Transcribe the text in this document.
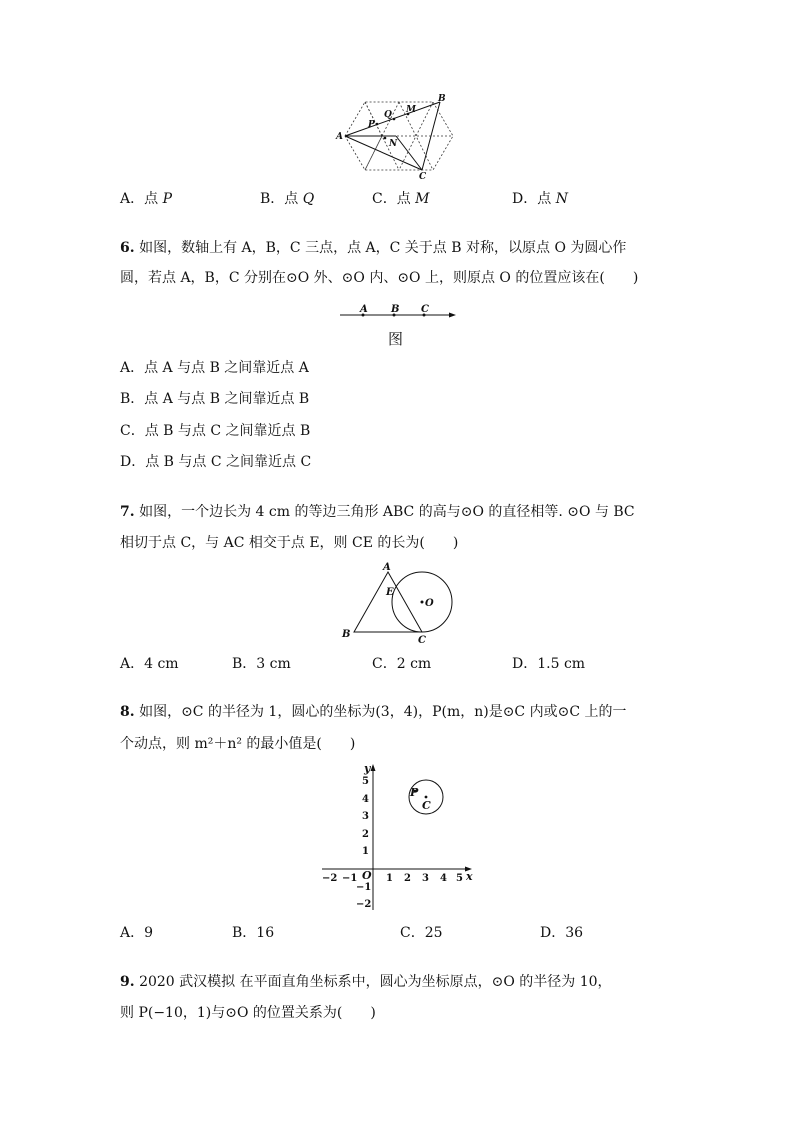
A
B
C
P
Q M
N
A．点 P	B．点 Q	C．点 M	D．点 N
6. 如图，数轴上有 A，B，C 三点，点 A，C 关于点 B 对称，以原点 O 为圆心作
圆，若点 A，B，C 分别在⊙O 外、⊙O 内、⊙O 上，则原点 O 的位置应该在(　　)
A B C
图
A．点 A 与点 B 之间靠近点 A
B．点 A 与点 B 之间靠近点 B
C．点 B 与点 C 之间靠近点 B
D．点 B 与点 C 之间靠近点 C
7. 如图，一个边长为 4 cm 的等边三角形 ABC 的高与⊙O 的直径相等. ⊙O 与 BC
相切于点 C，与 AC 相交于点 E，则 CE 的长为(　　)
A
B
C
E
O
A．4 cm	B．3 cm	C．2 cm	D．1.5 cm
8. 如图，⊙C 的半径为 1，圆心的坐标为(3，4)，P(m，n)是⊙C 内或⊙C 上的一
个动点，则 m²＋n² 的最小值是(　　)
x
y
O
−2 −1	1 2 3 4 5
5
4
3
2
1
−1
−2
P
C
A．9	B．16	C．25	D．36
9. 2020 武汉模拟 在平面直角坐标系中，圆心为坐标原点，⊙O 的半径为 10，
则 P(−10，1)与⊙O 的位置关系为(　　)
